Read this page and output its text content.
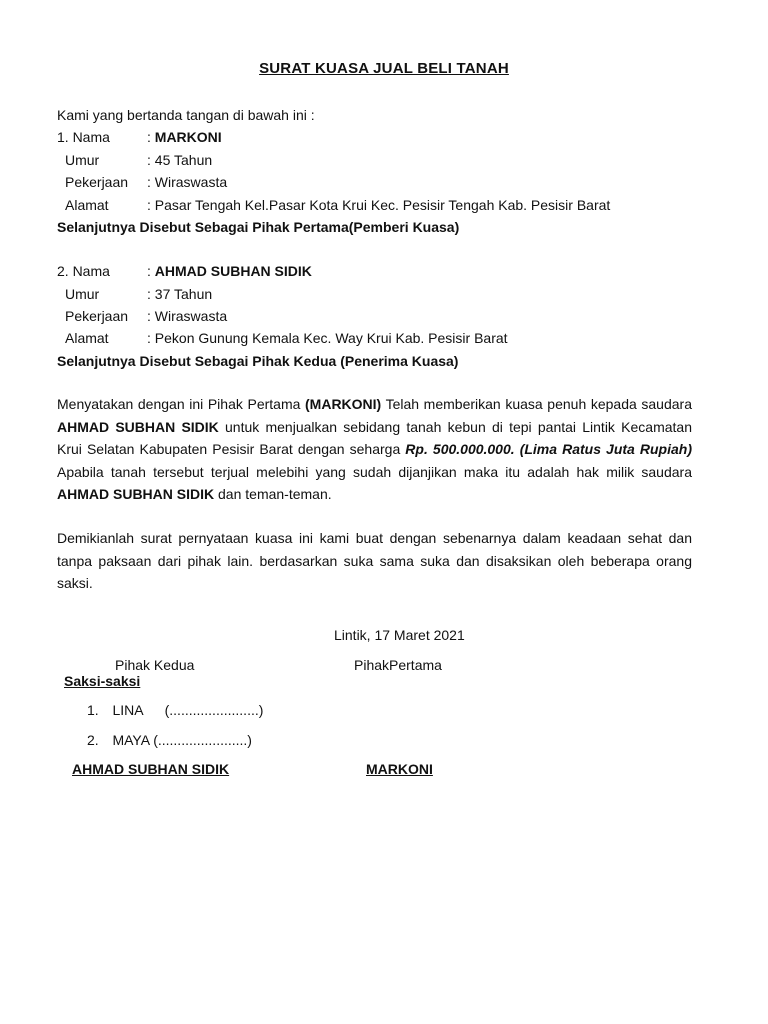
SURAT KUASA JUAL BELI TANAH
Kami yang bertanda tangan di bawah ini :
1. Nama	: MARKONI
Umur	: 45 Tahun
Pekerjaan : Wiraswasta
Alamat	: Pasar Tengah Kel.Pasar Kota Krui Kec. Pesisir Tengah Kab. Pesisir Barat
Selanjutnya Disebut Sebagai Pihak Pertama(Pemberi Kuasa)
2. Nama	: AHMAD SUBHAN SIDIK
Umur	: 37 Tahun
Pekerjaan : Wiraswasta
Alamat	: Pekon Gunung Kemala Kec. Way Krui Kab. Pesisir Barat
Selanjutnya Disebut Sebagai Pihak Kedua (Penerima Kuasa)
Menyatakan dengan ini Pihak Pertama (MARKONI) Telah memberikan kuasa penuh kepada saudara AHMAD SUBHAN SIDIK untuk menjualkan sebidang tanah kebun di tepi pantai Lintik Kecamatan Krui Selatan Kabupaten Pesisir Barat dengan seharga Rp. 500.000.000. (Lima Ratus Juta Rupiah) Apabila tanah tersebut terjual melebihi yang sudah dijanjikan maka itu adalah hak milik saudara AHMAD SUBHAN SIDIK dan teman-teman.
Demikianlah surat pernyataan kuasa ini kami buat dengan sebenarnya dalam keadaan sehat dan tanpa paksaan dari pihak lain. berdasarkan suka sama suka dan disaksikan oleh beberapa orang saksi.
Lintik, 17 Maret 2021
Pihak Kedua	PihakPertama
Saksi-saksi
1. LINA (.......................)
2. MAYA (.......................)
AHMAD SUBHAN SIDIK	MARKONI
